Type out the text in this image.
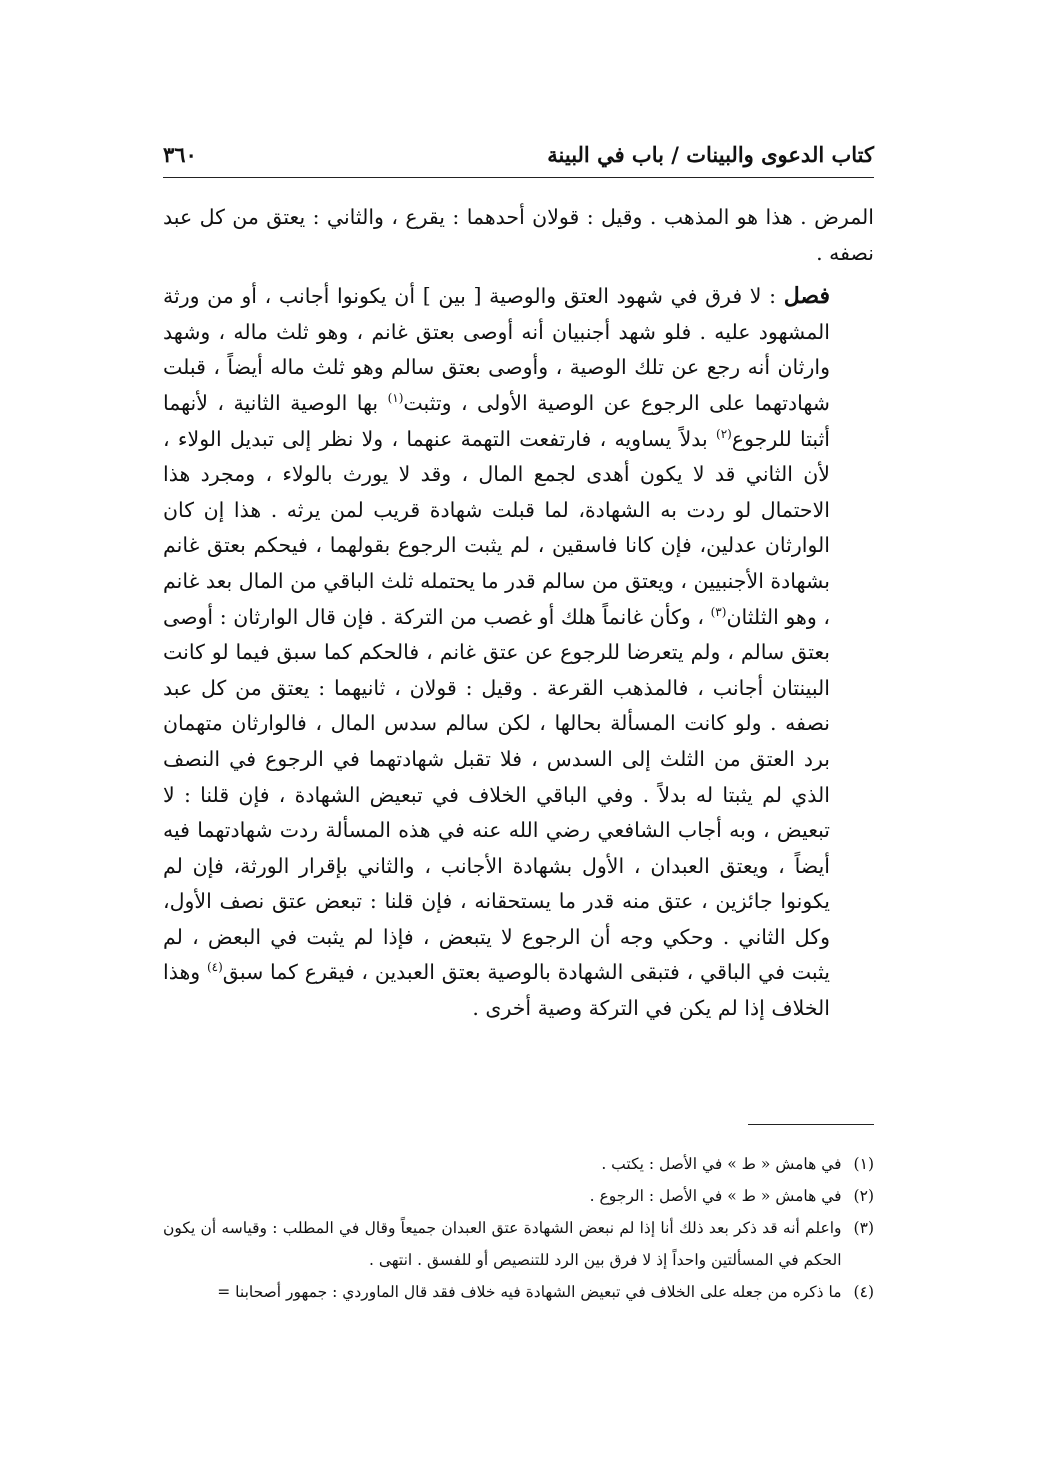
كتاب الدعوى والبينات / باب في البينة
٣٦٠

المرض . هذا هو المذهب . وقيل : قولان أحدهما : يقرع ، والثاني : يعتق من كل عبد نصفه .

فصل : لا فرق في شهود العتق والوصية [ بين ] أن يكونوا أجانب ، أو من ورثة المشهود عليه . فلو شهد أجنبيان أنه أوصى بعتق غانم ، وهو ثلث ماله ، وشهد وارثان أنه رجع عن تلك الوصية ، وأوصى بعتق سالم وهو ثلث ماله أيضاً ، قبلت شهادتهما على الرجوع عن الوصية الأولى ، وتثبت$^{(١)}$ بها الوصية الثانية ، لأنهما أثبتا للرجوع$^{(٢)}$ بدلاً يساويه ، فارتفعت التهمة عنهما ، ولا نظر إلى تبديل الولاء ، لأن الثاني قد لا يكون أهدى لجمع المال ، وقد لا يورث بالولاء ، ومجرد هذا الاحتمال لو ردت به الشهادة، لما قبلت شهادة قريب لمن يرثه . هذا إن كان الوارثان عدلين، فإن كانا فاسقين ، لم يثبت الرجوع بقولهما ، فيحكم بعتق غانم بشهادة الأجنبيين ، ويعتق من سالم قدر ما يحتمله ثلث الباقي من المال بعد غانم ، وهو الثلثان$^{(٣)}$ ، وكأن غانماً هلك أو غصب من التركة . فإن قال الوارثان : أوصى بعتق سالم ، ولم يتعرضا للرجوع عن عتق غانم ، فالحكم كما سبق فيما لو كانت البينتان أجانب ، فالمذهب القرعة . وقيل : قولان ، ثانيهما : يعتق من كل عبد نصفه . ولو كانت المسألة بحالها ، لكن سالم سدس المال ، فالوارثان متهمان برد العتق من الثلث إلى السدس ، فلا تقبل شهادتهما في الرجوع في النصف الذي لم يثبتا له بدلاً . وفي الباقي الخلاف في تبعيض الشهادة ، فإن قلنا : لا تبعيض ، وبه أجاب الشافعي رضي الله عنه في هذه المسألة ردت شهادتهما فيه أيضاً ، ويعتق العبدان ، الأول بشهادة الأجانب ، والثاني بإقرار الورثة، فإن لم يكونوا جائزين ، عتق منه قدر ما يستحقانه ، فإن قلنا : تبعض عتق نصف الأول، وكل الثاني . وحكي وجه أن الرجوع لا يتبعض ، فإذا لم يثبت في البعض ، لم يثبت في الباقي ، فتبقى الشهادة بالوصية بعتق العبدين ، فيقرع كما سبق$^{(٤)}$ وهذا الخلاف إذا لم يكن في التركة وصية أخرى .

(١)
في هامش « ط » في الأصل : يكتب .

(٢)
في هامش « ط » في الأصل : الرجوع .

(٣)
واعلم أنه قد ذكر بعد ذلك أنا إذا لم نبعض الشهادة عتق العبدان جميعاً وقال في المطلب : وقياسه أن يكون الحكم في المسألتين واحداً إذ لا فرق بين الرد للتنصيص أو للفسق . انتهى .

(٤)
ما ذكره من جعله على الخلاف في تبعيض الشهادة فيه خلاف فقد قال الماوردي : جمهور أصحابنا =
